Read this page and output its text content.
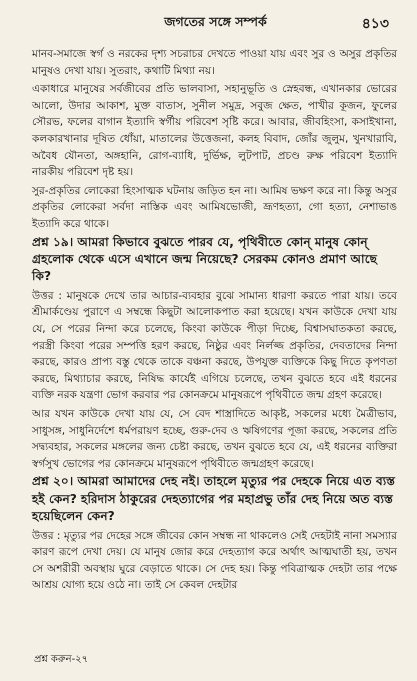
জগতের সঙ্গে সম্পর্ক	৪১৩

মানব-সমাজে স্বর্গ ও নরকের দৃশ্য সচরাচর দেখতে পাওয়া যায় এবং সুর ও অসুর প্রকৃতির মানুষও দেখা যায়। সুতরাং, কথাটি মিথ্যা নয়।

একাধারে মানুষের সর্বজীবের প্রতি ভালবাসা, সহানুভূতি ও স্নেহবন্ধ, এখানকার ভোরের আলো, উদার আকাশ, মুক্ত বাতাস, সুনীল সমুদ্র, সবুজ ক্ষেত, পাখীর কূজন, ফুলের সৌরভ, ফলের বাগান ইত্যাদি স্বর্গীয় পরিবেশ সৃষ্টি করে। আবার, জীবহিংসা, কসাইখানা, কলকারখানার দূষিত ধোঁয়া, মাতালের উত্তেজনা, কলহ বিবাদ, জোঁর জুলুম, খুনখারাবি, অবৈধ যৌনতা, অঙ্গহানি, রোগ-ব্যাধি, দুর্ভিক্ষ, লুটপাট, প্রচণ্ড রুক্ষ পরিবেশ ইত্যাদি নারকীয় পরিবেশ দৃষ্ট হয়।

সুর-প্রকৃতির লোকেরা হিংসাত্মক ঘটনায় জড়িত হন না। আমিষ ভক্ষণ করে না। কিন্তু অসুর প্রকৃতির লোকেরা সর্বদা নাস্তিক এবং আমিষভোজী, ভ্রূণহত্যা, গো হত্যা, নেশাভাঙ ইত্যাদি করে থাকে।

প্রশ্ন ১৯। আমরা কিভাবে বুঝতে পারব যে, পৃথিবীতে কোন্ মানুষ কোন্ গ্রহলোক থেকে এসে এখানে জন্ম নিয়েছে? সেরকম কোনও প্রমাণ আছে কি?

উত্তর : মানুষকে দেখে তার আচার-ব্যবহার বুঝে সামান্য ধারণা করতে পারা যায়। তবে শ্রীমার্কণ্ডেয় পুরাণে এ সম্বন্ধে কিছুটা আলোকপাত করা হয়েছে। যখন কাউকে দেখা যায় যে, সে পরের নিন্দা করে চলেছে, কিংবা কাউকে পীড়া দিচ্ছে, বিশ্বাসঘাতকতা করছে, পরস্ত্রী কিংবা পরের সম্পত্তি হরণ করছে, নিষ্ঠুর এবং নির্লজ্জ প্রকৃতির, দেবতাদের নিন্দা করছে, কারও প্রাপ্য বস্তু থেকে তাকে বঞ্চনা করছে, উপযুক্ত ব্যক্তিকে কিছু দিতে কৃপণতা করছে, মিথ্যাচার করছে, নিষিদ্ধ কার্যেই এগিয়ে চলেছে, তখন বুঝতে হবে এই ধরনের ব্যক্তি নরক যন্ত্রণা ভোগ করবার পর কোনক্রমে মানুষরূপে পৃথিবীতে জন্ম গ্রহণ করেছে।

আর যখন কাউকে দেখা যায় যে, সে বেদ শাস্ত্রাদিতে আকৃষ্ট, সকলের মধ্যে মৈত্রীভাব, সাধুসঙ্গ, সাধুনির্দেশে ধর্মপরায়ণ হচ্ছে, গুরু-দেব ও ঋষিগণের পূজা করছে, সকলের প্রতি সদ্ব্যবহার, সকলের মঙ্গলের জন্য চেষ্টা করছে, তখন বুঝতে হবে যে, এই ধরনের ব্যক্তিরা স্বর্গসুখ ভোগের পর কোনক্রমে মানুষরূপে পৃথিবীতে জন্মগ্রহণ করেছে।

প্রশ্ন ২০। আমরা আমাদের দেহ নই। তাহলে মৃত্যুর পর দেহকে নিয়ে এত ব্যস্ত হই কেন? হরিদাস ঠাকুরের দেহত্যাগের পর মহাপ্রভু তাঁর দেহ নিয়ে অত ব্যস্ত হয়েছিলেন কেন?

উত্তর : মৃত্যুর পর দেহের সঙ্গে জীবের কোন সম্বন্ধ না থাকলেও সেই দেহটাই নানা সমস্যার কারণ রূপে দেখা দেয়। যে মানুষ জোর করে দেহত্যাগ করে অর্থাৎ আত্মঘাতী হয়, তখন সে অশরীরী অবস্থায় ঘুরে বেড়াতে থাকে। সে দেহ হয়। কিন্তু পবিত্রাত্মক দেহটা তার পক্ষে আশ্রয় যোগ্য হয়ে ওঠে না। তাই সে কেবল দেহটার

প্রশ্ন করুন-২৭
